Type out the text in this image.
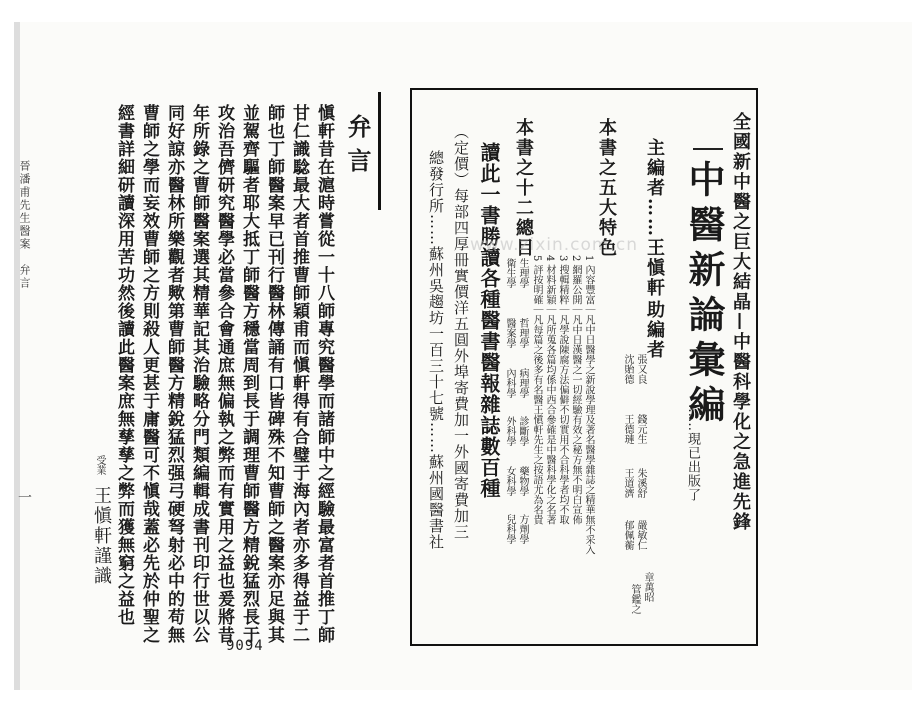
晉潘甫先生醫案　弁言
一
受業
王愼軒謹識	愼軒昔在滬時嘗從一十八師專究醫學而諸師中之經驗最富者首推丁師
甘仁識騐最大者首推曹師穎甫而愼軒得有合璧于海內者亦多得益于二
師也丁師醫案早已刊行醫林傳誦有口皆碑殊不知曹師之醫案亦足與其
並駕齊驅者耶大抵丁師醫方穩當周到長于調理曹師醫方精銳猛烈長于
攻治吾儕研究醫學必當參合會通庶無偏執之弊而有實用之益也爰將昔
年所錄之曹師醫案選其精華記其治驗略分門類編輯成書刊印行世以公
同好諒亦醫林所樂觀者歟第曹師醫方精銳猛烈强弓硬弩射必中的苟無
曹師之學而妄效曹師之方則殺人更甚于庸醫可不愼哉蓋必先於仲聖之
經書詳細研讀深用苦功然後讀此醫案庶無孳孳之弊而獲無窮之益也	弁言
9094
全國新中醫之巨大結晶—中醫科學化之急進先鋒
中醫新論彙編
……現已出版了
主編者……王愼軒
助編者
張又良
沈貽德
錢元生
王德璉
朱溪舒
王道濟
嚴敏仁
郁佩蘅
章萬昭
管鑑之
本書之五大特色
1 內容豐富｜凡中日醫學之新說學理及著名醫學雜誌之精華無不采入
2 網羅公開｜凡中日漢醫之一切經驗有效之秘方無不明白宣佈
3 搜輯精粹｜凡學說陳腐方法偏僻不切實用不合科學者均不取
4 材料新穎｜凡所蒐各篇均係中西合參確是中醫科學化之名著
5 評按明確｜凡每篇之後多有名醫王愼軒先生之按語尤為名貴
本書之十二總目
生理學
衛生學
哲理學
醫案學
病理學
內科學
診斷學
外科學
藥物學
女科學
方劑學
兒科學
讀此一書勝讀各種醫書醫報雜誌數百種
（定價）每部四厚冊實價洋五圓外埠寄費加一外國寄費加三
總發行所……蘇州吳趨坊一百三十七號……蘇州國醫書社 www.zixin.com.cn
